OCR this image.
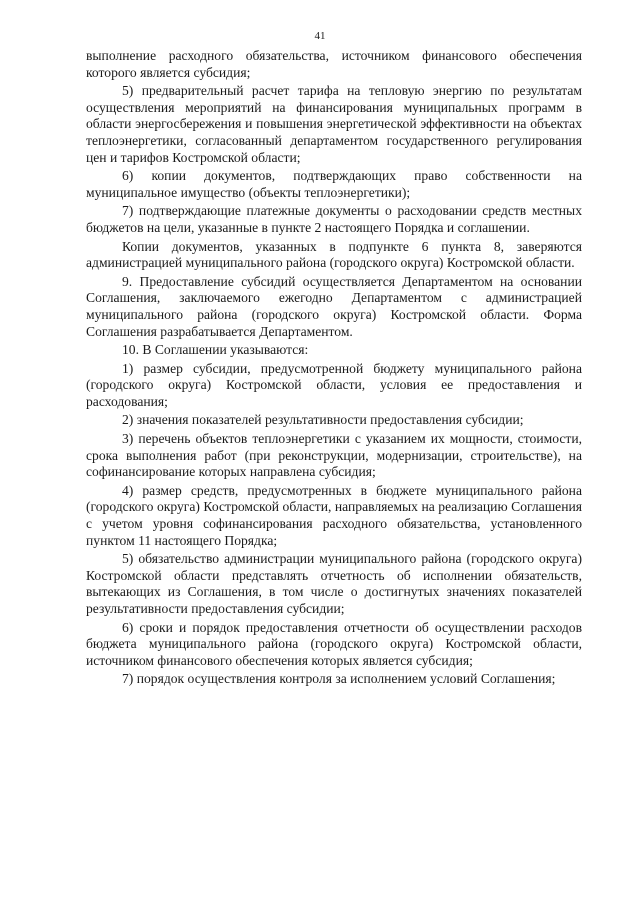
41

выполнение расходного обязательства, источником финансового обеспечения которого является субсидия;

5) предварительный расчет тарифа на тепловую энергию по результатам осуществления мероприятий на финансирования муниципальных программ в области энергосбережения и повышения энергетической эффективности на объектах теплоэнергетики, согласованный департаментом государственного регулирования цен и тарифов Костромской области;

6) копии документов, подтверждающих право собственности на муниципальное имущество (объекты теплоэнергетики);

7) подтверждающие платежные документы о расходовании средств местных бюджетов на цели, указанные в пункте 2 настоящего Порядка и соглашении.

Копии документов, указанных в подпункте 6 пункта 8, заверяются администрацией муниципального района (городского округа) Костромской области.

9. Предоставление субсидий осуществляется Департаментом на основании Соглашения, заключаемого ежегодно Департаментом с администрацией муниципального района (городского округа) Костромской области. Форма Соглашения разрабатывается Департаментом.

10. В Соглашении указываются:

1) размер субсидии, предусмотренной бюджету муниципального района (городского округа) Костромской области, условия ее предоставления и расходования;

2) значения показателей результативности предоставления субсидии;

3) перечень объектов теплоэнергетики с указанием их мощности, стоимости, срока выполнения работ (при реконструкции, модернизации, строительстве), на софинансирование которых направлена субсидия;

4) размер средств, предусмотренных в бюджете муниципального района (городского округа) Костромской области, направляемых на реализацию Соглашения с учетом уровня софинансирования расходного обязательства, установленного пунктом 11 настоящего Порядка;

5) обязательство администрации муниципального района (городского округа) Костромской области представлять отчетность об исполнении обязательств, вытекающих из Соглашения, в том числе о достигнутых значениях показателей результативности предоставления субсидии;

6) сроки и порядок предоставления отчетности об осуществлении расходов бюджета муниципального района (городского округа) Костромской области, источником финансового обеспечения которых является субсидия;

7) порядок осуществления контроля за исполнением условий Соглашения;
